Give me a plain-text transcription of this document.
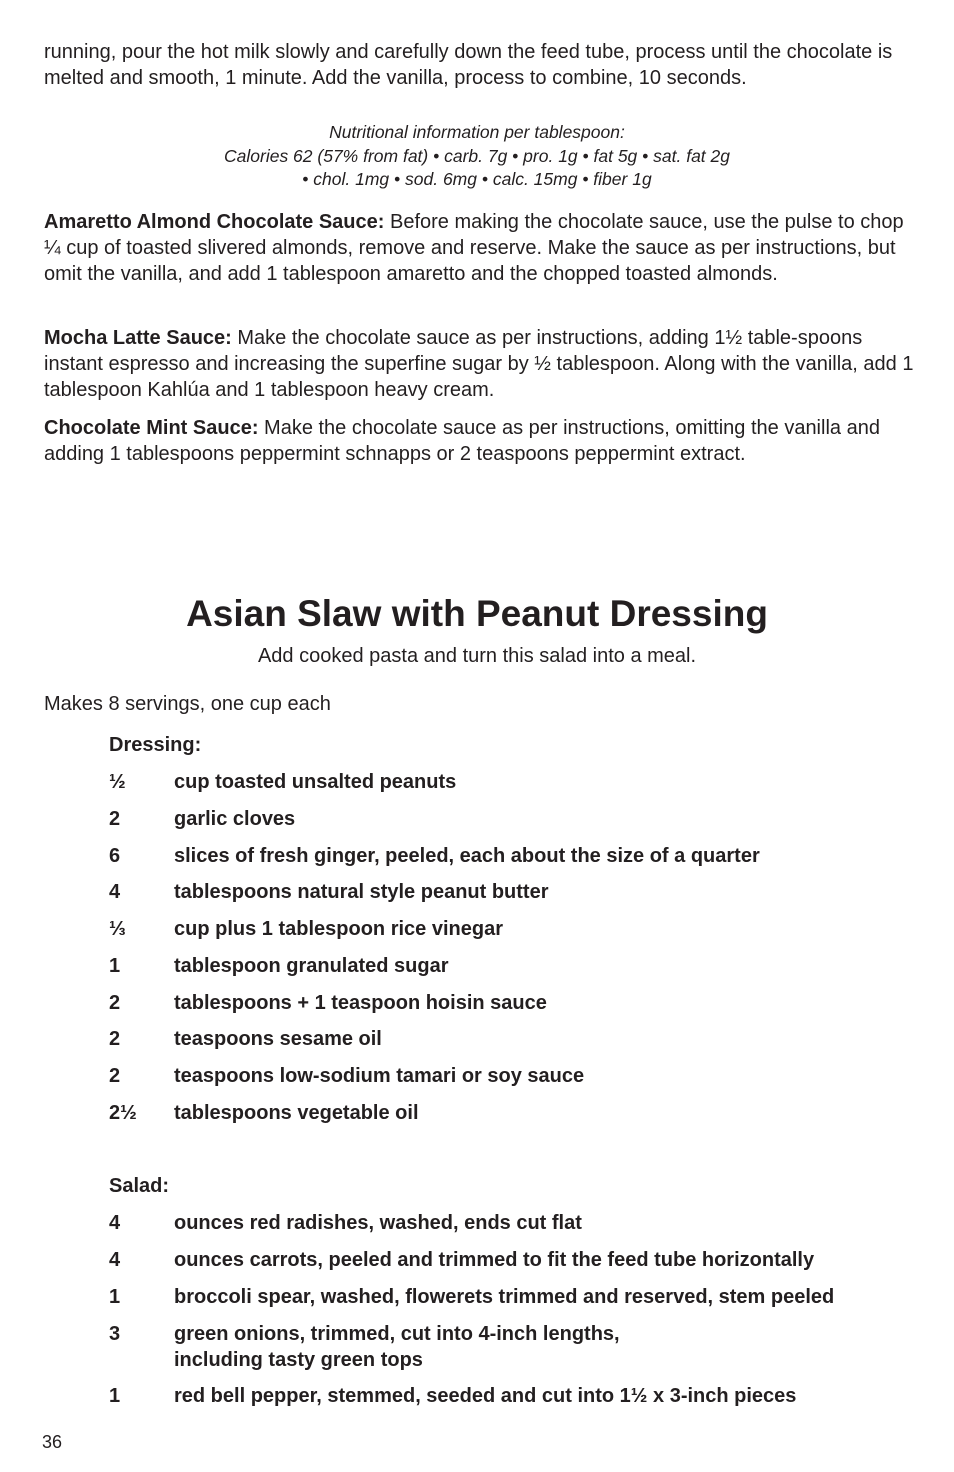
running, pour the hot milk slowly and carefully down the feed tube, process until the chocolate is melted and smooth, 1 minute. Add the vanilla, process to combine, 10 seconds.

Nutritional information per tablespoon:
Calories 62 (57% from fat) • carb. 7g • pro. 1g • fat 5g • sat. fat 2g
• chol. 1mg • sod. 6mg • calc. 15mg • fiber 1g

Amaretto Almond Chocolate Sauce: Before making the chocolate sauce, use the pulse to chop ¼ cup of toasted slivered almonds, remove and reserve. Make the sauce as per instructions, but omit the vanilla, and add 1 tablespoon amaretto and the chopped toasted almonds.

Mocha Latte Sauce: Make the chocolate sauce as per instructions, adding 1½ table-spoons instant espresso and increasing the superfine sugar by ½ tablespoon. Along with the vanilla, add 1 tablespoon Kahlúa and 1 tablespoon heavy cream.

Chocolate Mint Sauce: Make the chocolate sauce as per instructions, omitting the vanilla and adding 1 tablespoons peppermint schnapps or 2 teaspoons peppermint extract.

Asian Slaw with Peanut Dressing
Add cooked pasta and turn this salad into a meal.
Makes 8 servings, one cup each
Dressing:
½	cup toasted unsalted peanuts
2	garlic cloves
6	slices of fresh ginger, peeled, each about the size of a quarter
4	tablespoons natural style peanut butter
⅓	cup plus 1 tablespoon rice vinegar
1	tablespoon granulated sugar
2	tablespoons + 1 teaspoon hoisin sauce
2	teaspoons sesame oil
2	teaspoons low-sodium tamari or soy sauce
2½	tablespoons vegetable oil
Salad:
4	ounces red radishes, washed, ends cut flat
4	ounces carrots, peeled and trimmed to fit the feed tube horizontally
1	broccoli spear, washed, flowerets trimmed and reserved, stem peeled
3	green onions, trimmed, cut into 4-inch lengths,
including tasty green tops
1	red bell pepper, stemmed, seeded and cut into 1½ x 3-inch pieces
36
